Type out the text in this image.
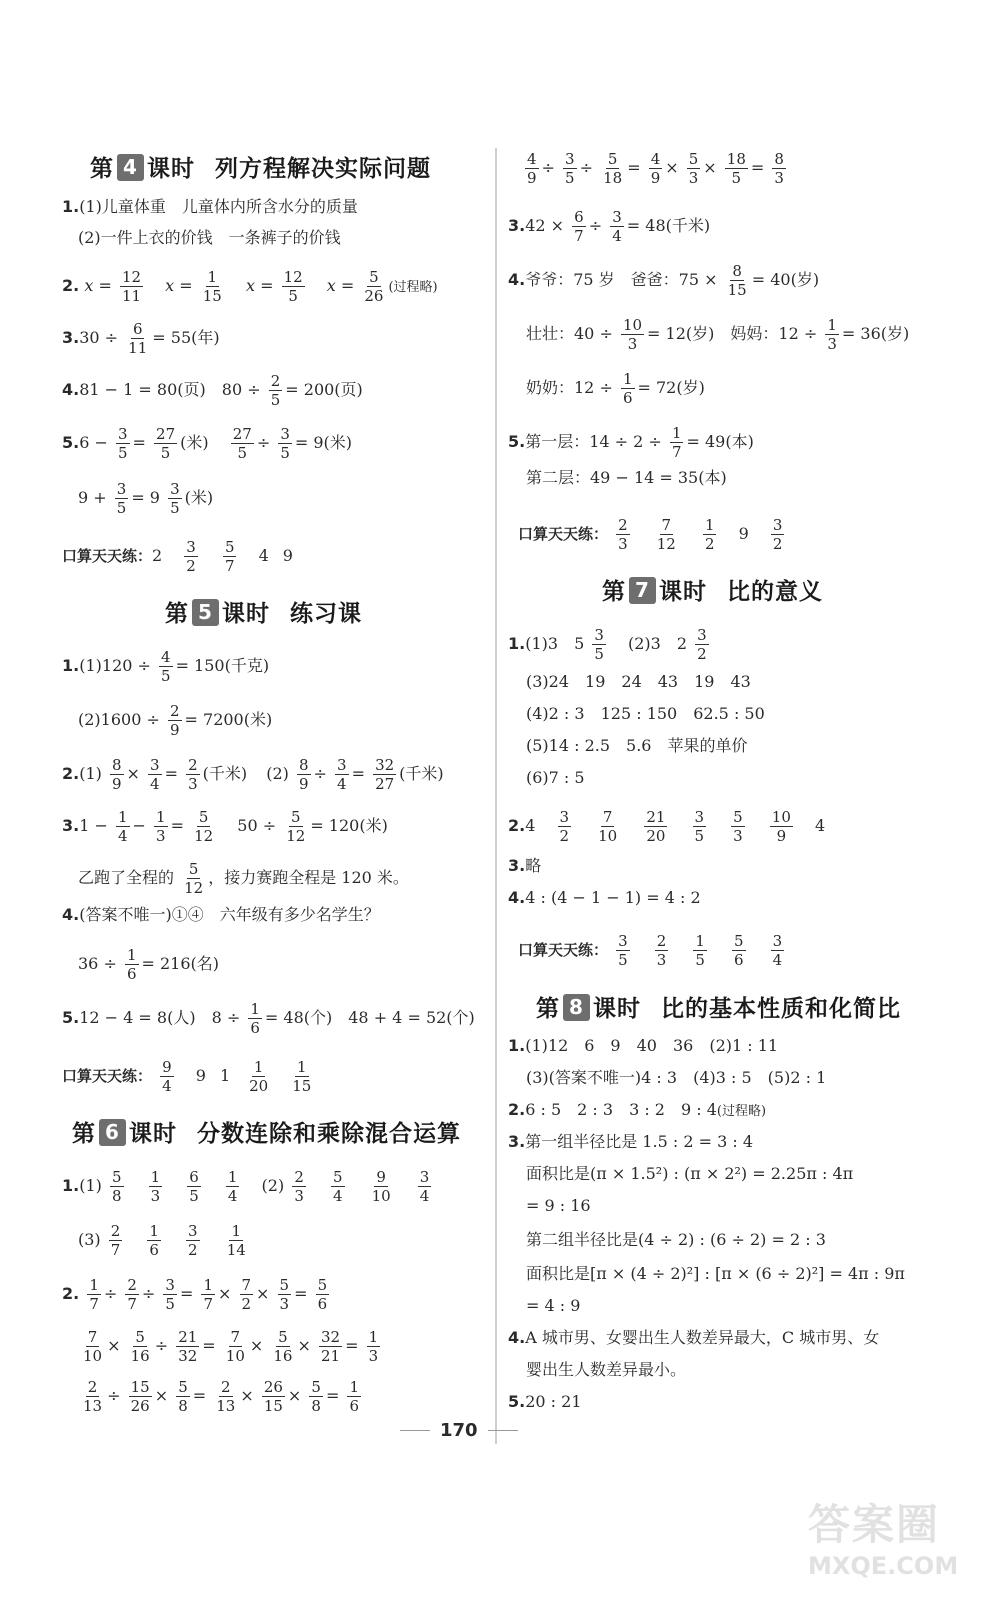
第 4 课时 列方程解决实际问题
1.(1)儿童体重　儿童体内所含水分的质量
(2)一件上衣的价钱　一条裤子的价钱
2. $x = \frac{12}{11}$ $x = \frac{1}{15}$ $x = \frac{12}{5}$ $x = \frac{5}{26}$ (过程略)
$3.30 \div \frac{6}{11} = 55$(年)
4.81 − 1 = 80(页)　$80 \div \frac{2}{5} = 200$(页)
$5.6 - \frac{3}{5} = \frac{27}{5}$ (米) $\frac{27}{5} \div \frac{3}{5} = 9$(米)
$9 + \frac{3}{5} = 9 \frac{3}{5}$ (米)
口算天天练：$2 \frac{3}{2}$
$\frac{5}{7} 4$ 9
第 5 课时 练习课
$1.(1)120 \div \frac{4}{5} = 150$(千克)
$(2)1600 \div \frac{2}{9} = 7200$(米)
$2.(1) \frac{8}{9} \times \frac{3}{4} = \frac{2}{3}$ (千米) $(2) \frac{8}{9} \div \frac{3}{4} = \frac{32}{27}$ (千米)
$3.1 - \frac{1}{4} - \frac{1}{3} = \frac{5}{12} 50 \div \frac{5}{12} = 120$(米)
乙跑了全程的 $\frac{5}{12}$ ，接力赛跑全程是 120 米。
4.(答案不唯一)①④　六年级有多少名学生？
$36 \div \frac{1}{6} = 216$(名)
5.12 − 4 = 8(人)　$8 \div \frac{1}{6} = 48$(个)　48 + 4 = 52(个)
口算天天练： $\frac{9}{4} 9$ $1 \frac{1}{20} \frac{1}{15}$
第 6 课时 分数连除和乘除混合运算
$1.(1) \frac{5}{8}$
$\frac{1}{3}$
$\frac{6}{5}$
$\frac{1}{4} (2) \frac{2}{3}$
$\frac{5}{4}$
$\frac{9}{10}$
$\frac{3}{4}$
$(3) \frac{2}{7}$
$\frac{1}{6}$
$\frac{3}{2}$
$\frac{1}{14}$
2. $\frac{1}{7} \div \frac{2}{7} \div \frac{3}{5} = \frac{1}{7} \times \frac{7}{2} \times \frac{5}{3} = \frac{5}{6}$
$\frac{7}{10} \times \frac{5}{16} \div \frac{21}{32} = \frac{7}{10} \times \frac{5}{16} \times \frac{32}{21} = \frac{1}{3}$
$\frac{2}{13} \div \frac{15}{26} \times \frac{5}{8} = \frac{2}{13} \times \frac{26}{15} \times \frac{5}{8} = \frac{1}{6}$
$\frac{4}{9} \div \frac{3}{5} \div \frac{5}{18} = \frac{4}{9} \times \frac{5}{3} \times \frac{18}{5} = \frac{8}{3}$
$3.42 \times \frac{6}{7} \div \frac{3}{4} = 48$(千米)
4.爷爷：75 岁　爸爸：$75 \times \frac{8}{15} = 40$(岁)
壮壮：$40 \div \frac{10}{3} = 12$(岁)　妈妈：$12 \div \frac{1}{3} = 36$(岁)
奶奶：$12 \div \frac{1}{6} = 72$(岁)
5.第一层：$14 \div 2 \div \frac{1}{7} = 49$(本)
第二层：49 − 14 = 35(本)
口算天天练： $\frac{2}{3}$
$\frac{7}{12}$
$\frac{1}{2} 9 \frac{3}{2}$
第 7 课时 比的意义
1.(1)3　$5 \frac{3}{5} (2)3$　$2 \frac{3}{2}$
(3)24　19　24　43　19　43
(4)2 : 3　125 : 150　62.5 : 50
(5)14 : 2.5　5.6　苹果的单价
(6)7 : 5
$2.4 \frac{3}{2}$
$\frac{7}{10}$
$\frac{21}{20}$
$\frac{3}{5}$
$\frac{5}{3}$
$\frac{10}{9} 4$
3.略
4.4 : (4 − 1 − 1) = 4 : 2
口算天天练： $\frac{3}{5}$
$\frac{2}{3}$
$\frac{1}{5}$
$\frac{5}{6}$
$\frac{3}{4}$
第 8 课时 比的基本性质和化简比
1.(1)12　6　9　40　36　(2)1 : 11
(3)(答案不唯一)4 : 3　(4)3 : 5　(5)2 : 1
2.6 : 5　2 : 3　3 : 2　9 : 4(过程略)
3.第一组半径比是 1.5 : 2 = 3 : 4
面积比是(π × 1.5²) : (π × 2²) = 2.25π : 4π
= 9 : 16
第二组半径比是(4 ÷ 2) : (6 ÷ 2) = 2 : 3
面积比是[π × (4 ÷ 2)²] : [π × (6 ÷ 2)²] = 4π : 9π
= 4 : 9
4.A 城市男、女婴出生人数差异最大，C 城市男、女
婴出生人数差异最小。
5.20 : 21
170
答案圈
MXQE.COM
